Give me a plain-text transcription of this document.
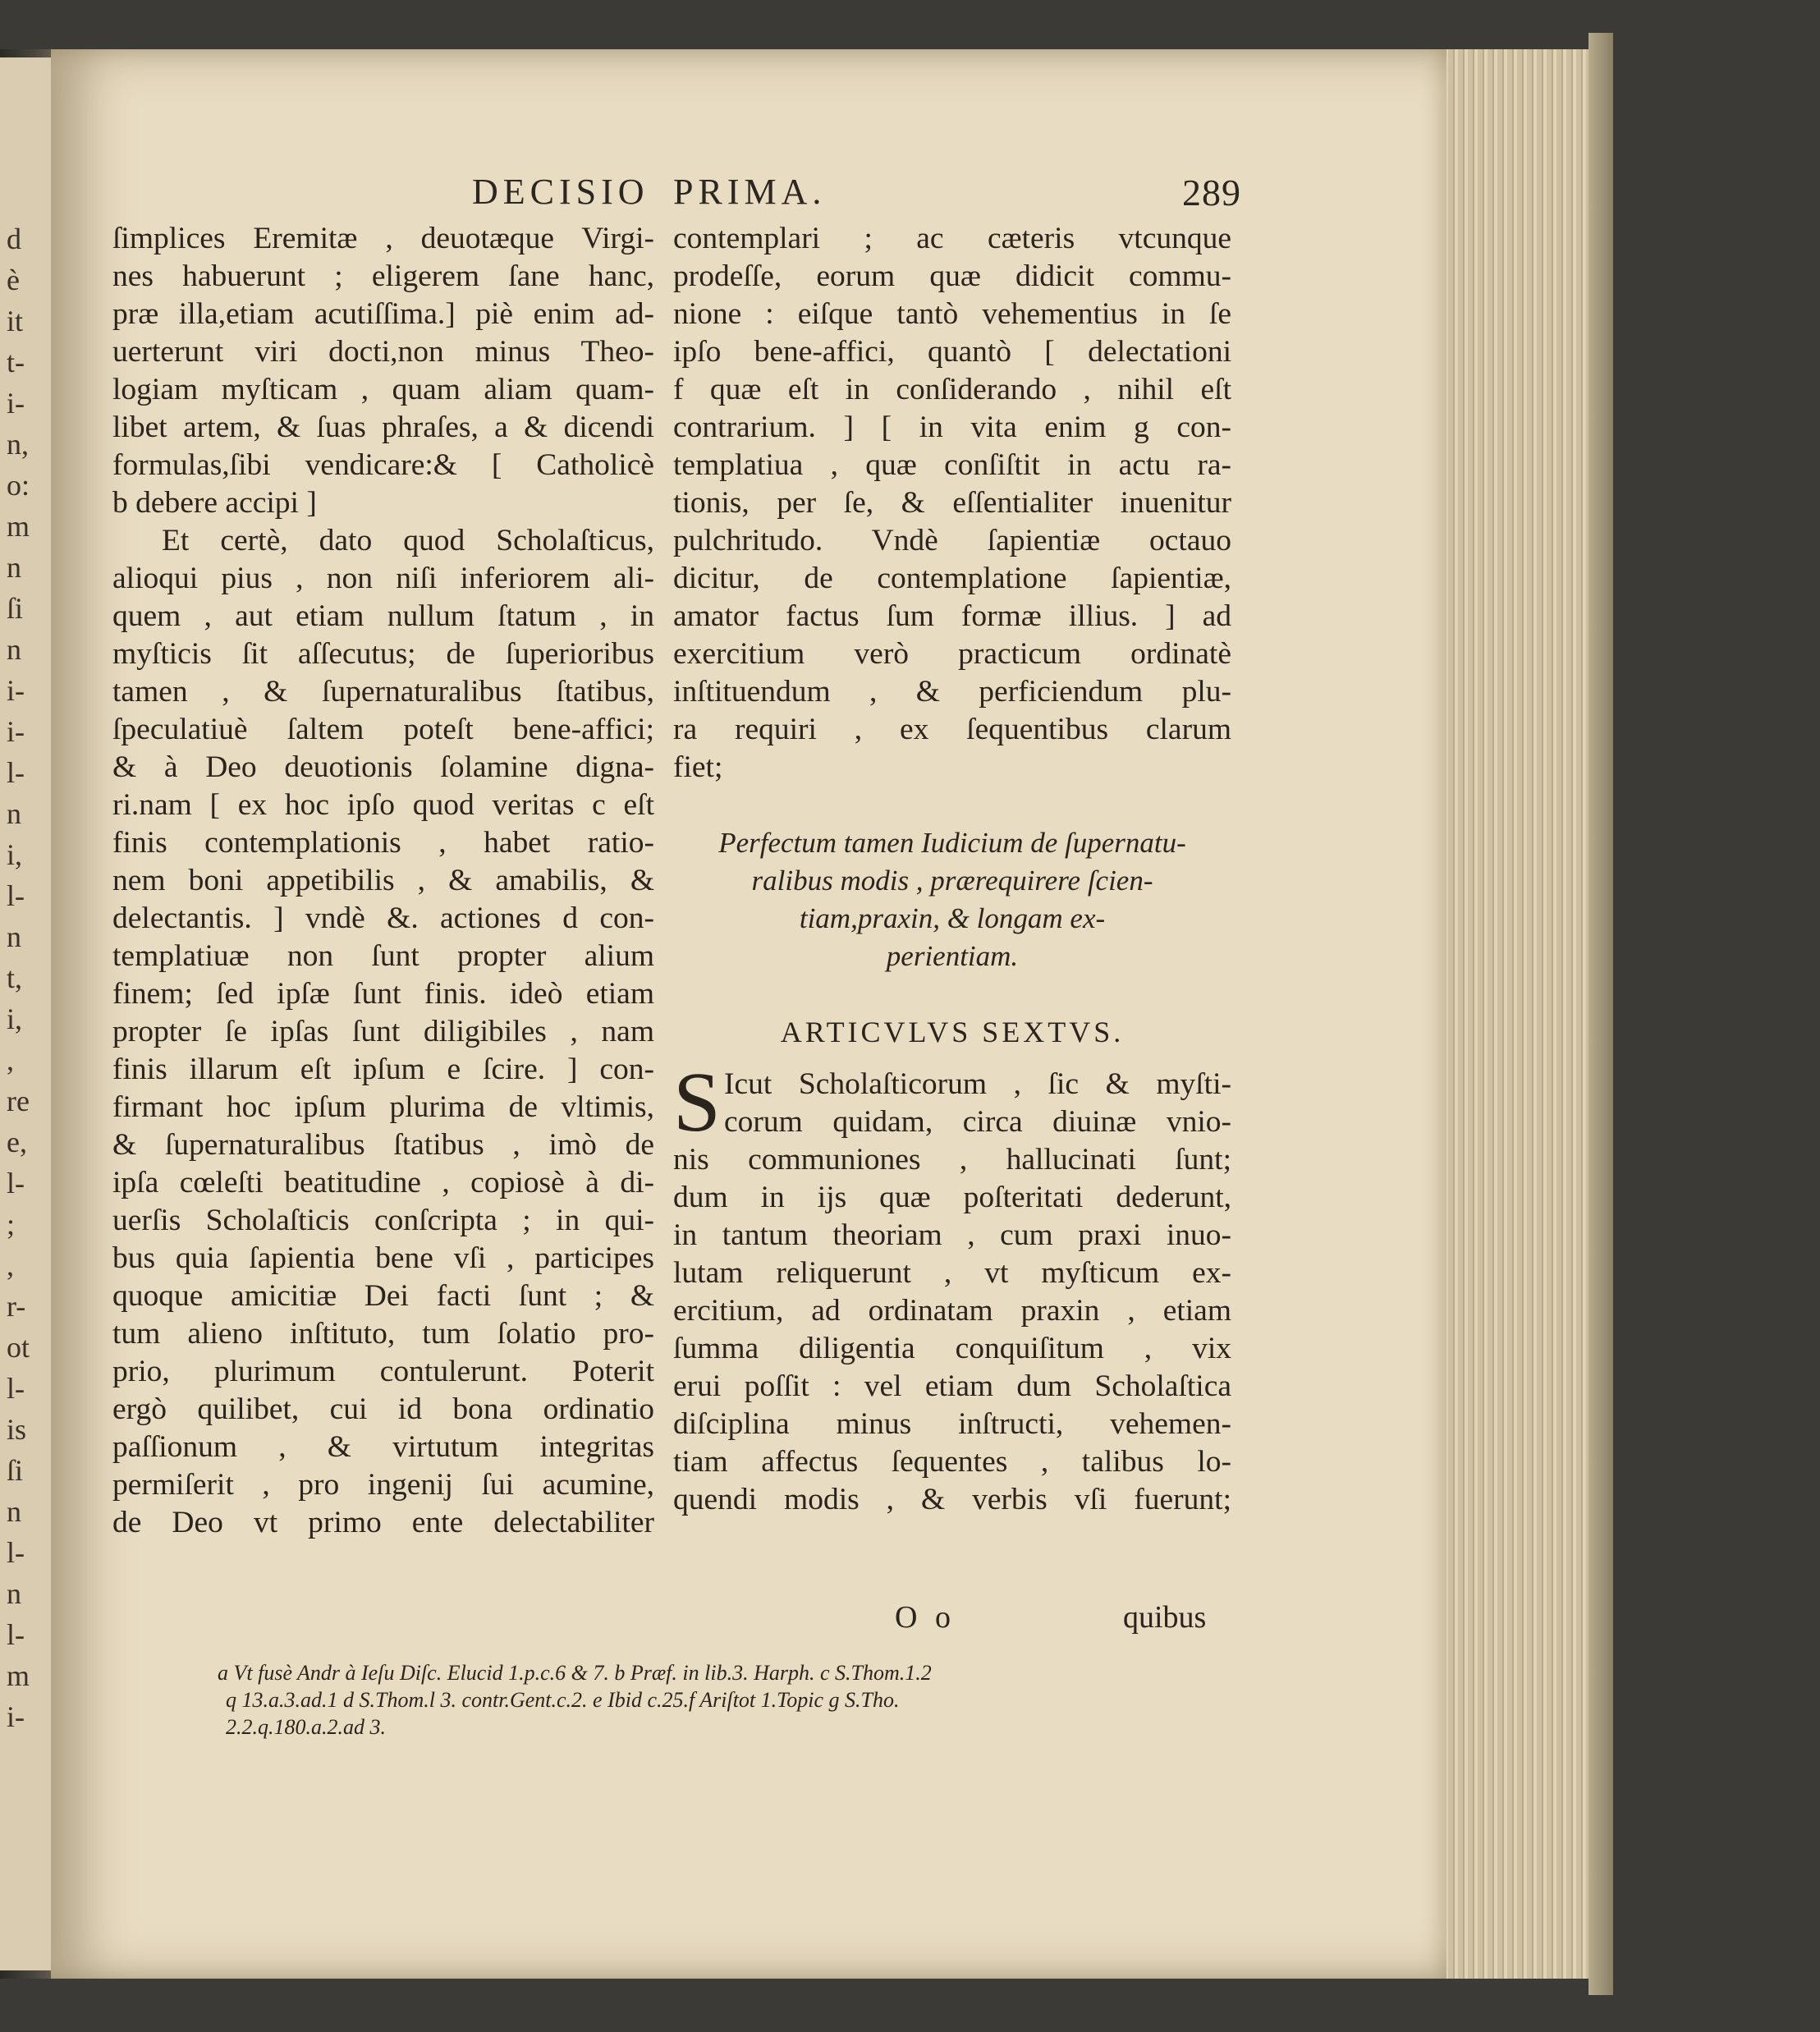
d
è
it
t-
i-
n,
o:
m
n
ſi
n
i-
i-
l-
n
i,
l-
n
t,
i,
,
re
e,
l-
;
,
r-
ot
l-
is
ſi
n
l-
n
l-
m
i-
DECISIO PRIMA.	289
ſimplices Eremitæ , deuotæque Virgi-
nes habuerunt ; eligerem ſane hanc,
præ illa,etiam acutiſſima.] piè enim ad-
uerterunt viri docti,non minus Theo-
logiam myſticam , quam aliam quam-
libet artem, & ſuas phraſes, a & dicendi
formulas,ſibi vendicare:& [ Catholicè
b debere accipi ]
Et certè, dato quod Scholaſticus,
alioqui pius , non niſi inferiorem ali-
quem , aut etiam nullum ſtatum , in
myſticis ſit aſſecutus; de ſuperioribus
tamen , & ſupernaturalibus ſtatibus,
ſpeculatiuè ſaltem poteſt bene-affici;
& à Deo deuotionis ſolamine digna-
ri.nam [ ex hoc ipſo quod veritas c eſt
finis contemplationis , habet ratio-
nem boni appetibilis , & amabilis, &
delectantis. ] vndè &. actiones d con-
templatiuæ non ſunt propter alium
finem; ſed ipſæ ſunt finis. ideò etiam
propter ſe ipſas ſunt diligibiles , nam
finis illarum eſt ipſum e ſcire. ] con-
firmant hoc ipſum plurima de vltimis,
& ſupernaturalibus ſtatibus , imò de
ipſa cœleſti beatitudine , copiosè à di-
uerſis Scholaſticis conſcripta ; in qui-
bus quia ſapientia bene vſi , participes
quoque amicitiæ Dei facti ſunt ; &
tum alieno inſtituto, tum ſolatio pro-
prio, plurimum contulerunt. Poterit
ergò quilibet, cui id bona ordinatio
paſſionum , & virtutum integritas
permiſerit , pro ingenij ſui acumine,
de Deo vt primo ente delectabiliter
contemplari ; ac cæteris vtcunque
prodeſſe, eorum quæ didicit commu-
nione : eiſque tantò vehementius in ſe
ipſo bene-affici, quantò [ delectationi
f quæ eſt in conſiderando , nihil eſt
contrarium. ] [ in vita enim g con-
templatiua , quæ conſiſtit in actu ra-
tionis, per ſe, & eſſentialiter inuenitur
pulchritudo. Vndè ſapientiæ octauo
dicitur, de contemplatione ſapientiæ,
amator factus ſum formæ illius. ] ad
exercitium verò practicum ordinatè
inſtituendum , & perficiendum plu-
ra requiri , ex ſequentibus clarum
fiet;
Perfectum tamen Iudicium de ſupernatu-
ralibus modis , prærequirere ſcien-
tiam,praxin, & longam ex-
perientiam.
ARTICVLVS SEXTVS.
S Icut Scholaſticorum , ſic & myſti-
corum quidam, circa diuinæ vnio-
nis communiones , hallucinati ſunt;
dum in ijs quæ poſteritati dederunt,
in tantum theoriam , cum praxi inuo-
lutam reliquerunt , vt myſticum ex-
ercitium, ad ordinatam praxin , etiam
ſumma diligentia conquiſitum , vix
erui poſſit : vel etiam dum Scholaſtica
diſciplina minus inſtructi, vehemen-
tiam affectus ſequentes , talibus lo-
quendi modis , & verbis vſi fuerunt;
O o	quibus
a Vt fusè Andr à Ieſu Diſc. Elucid 1.p.c.6 & 7. b Præf. in lib.3. Harph. c S.Thom.1.2
q 13.a.3.ad.1 d S.Thom.l 3. contr.Gent.c.2. e Ibid c.25.f Ariſtot 1.Topic g S.Tho.
2.2.q.180.a.2.ad 3.
